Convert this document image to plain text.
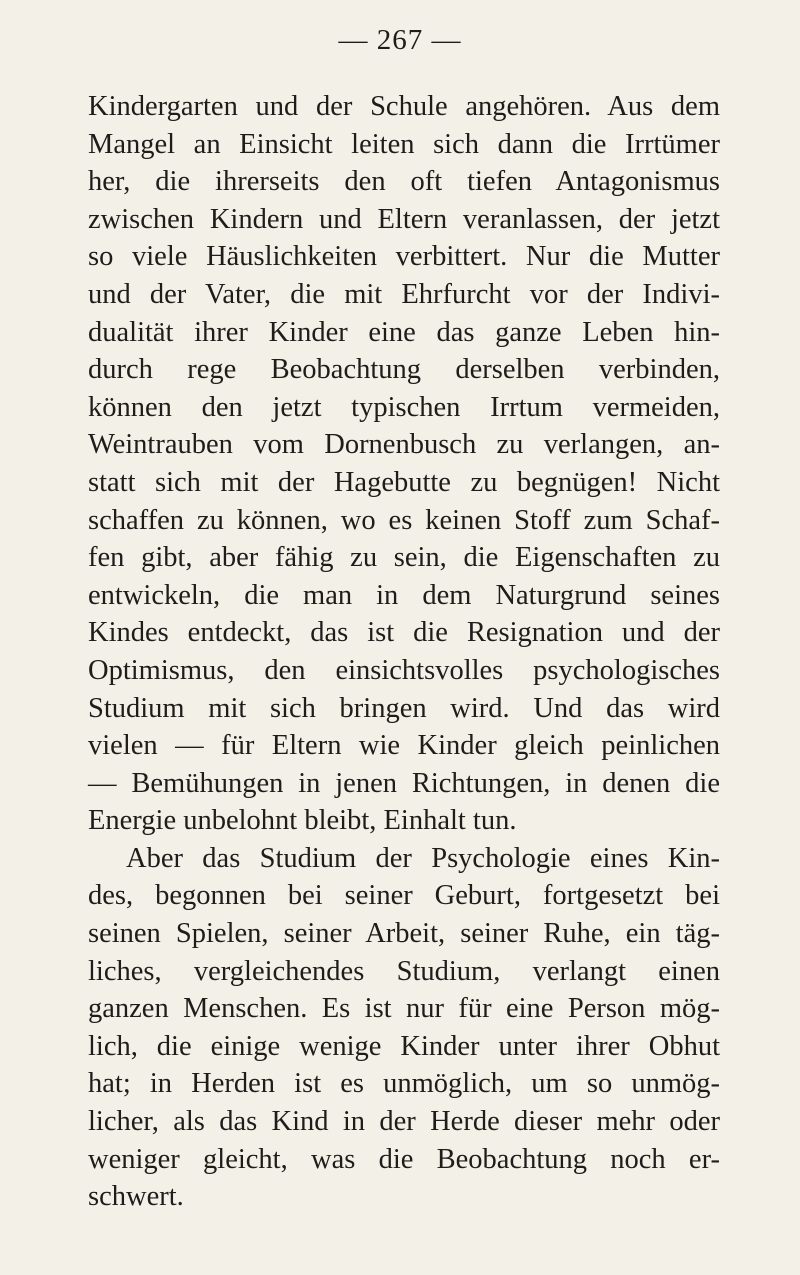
— 267 —
Kindergarten und der Schule angehören. Aus dem
Mangel an Einsicht leiten sich dann die Irrtümer
her, die ihrerseits den oft tiefen Antagonismus
zwischen Kindern und Eltern veranlassen, der jetzt
so viele Häuslichkeiten verbittert. Nur die Mutter
und der Vater, die mit Ehrfurcht vor der Indivi-
dualität ihrer Kinder eine das ganze Leben hin-
durch rege Beobachtung derselben verbinden,
können den jetzt typischen Irrtum vermeiden,
Weintrauben vom Dornenbusch zu verlangen, an-
statt sich mit der Hagebutte zu begnügen! Nicht
schaffen zu können, wo es keinen Stoff zum Schaf-
fen gibt, aber fähig zu sein, die Eigenschaften zu
entwickeln, die man in dem Naturgrund seines
Kindes entdeckt, das ist die Resignation und der
Optimismus, den einsichtsvolles psychologisches
Studium mit sich bringen wird. Und das wird
vielen — für Eltern wie Kinder gleich peinlichen
— Bemühungen in jenen Richtungen, in denen die
Energie unbelohnt bleibt, Einhalt tun.
Aber das Studium der Psychologie eines Kin-
des, begonnen bei seiner Geburt, fortgesetzt bei
seinen Spielen, seiner Arbeit, seiner Ruhe, ein täg-
liches, vergleichendes Studium, verlangt einen
ganzen Menschen. Es ist nur für eine Person mög-
lich, die einige wenige Kinder unter ihrer Obhut
hat; in Herden ist es unmöglich, um so unmög-
licher, als das Kind in der Herde dieser mehr oder
weniger gleicht, was die Beobachtung noch er-
schwert.
